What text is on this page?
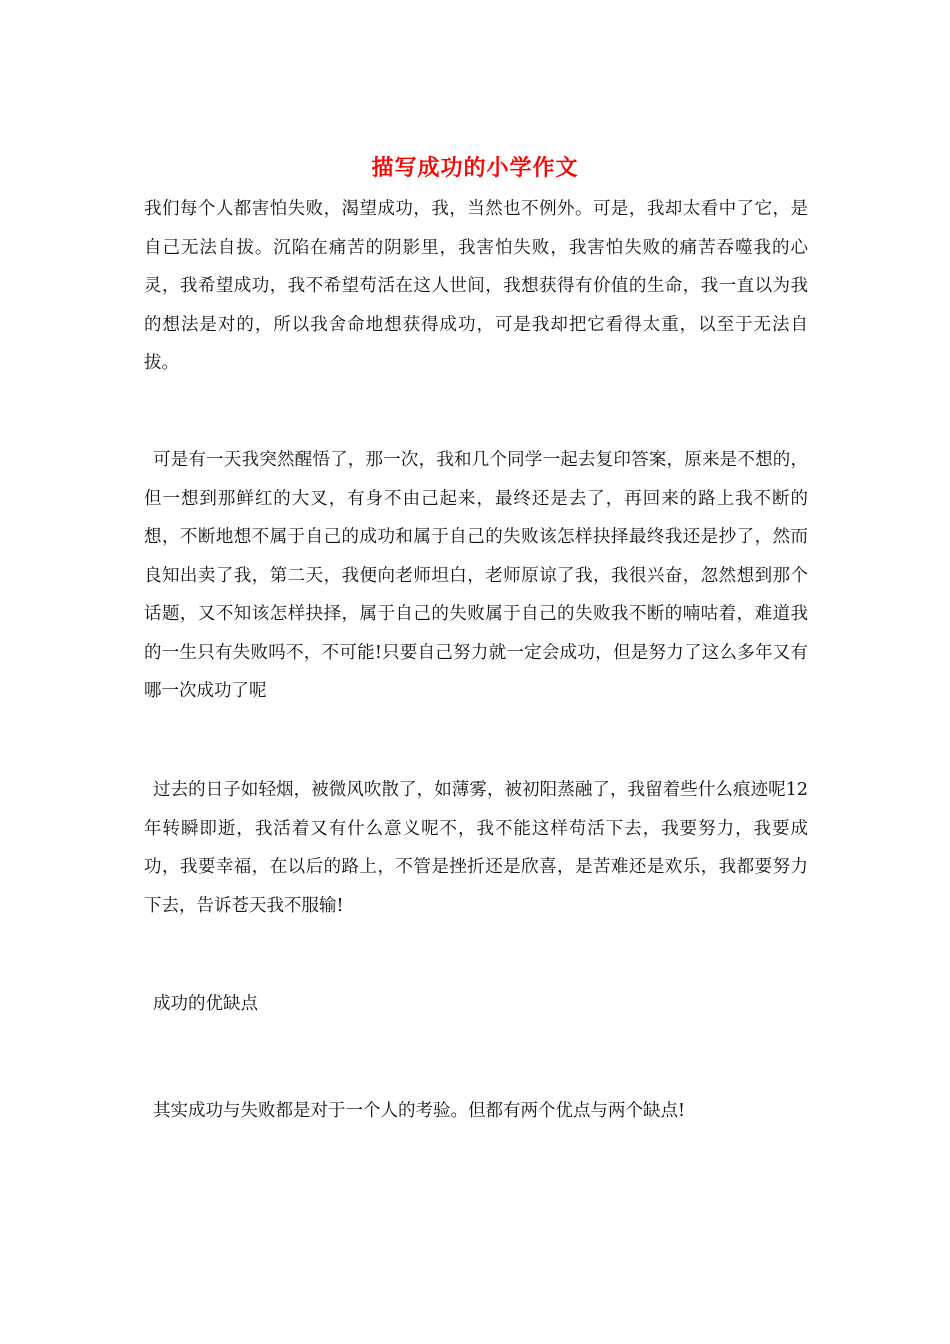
描写成功的小学作文

我们每个人都害怕失败，渴望成功，我，当然也不例外。可是，我却太看中了它，是自己无法自拔。沉陷在痛苦的阴影里，我害怕失败，我害怕失败的痛苦吞噬我的心灵，我希望成功，我不希望苟活在这人世间，我想获得有价值的生命，我一直以为我的想法是对的，所以我舍命地想获得成功，可是我却把它看得太重，以至于无法自拔。

可是有一天我突然醒悟了，那一次，我和几个同学一起去复印答案，原来是不想的，但一想到那鲜红的大叉，有身不由己起来，最终还是去了，再回来的路上我不断的想，不断地想不属于自己的成功和属于自己的失败该怎样抉择最终我还是抄了，然而良知出卖了我，第二天，我便向老师坦白，老师原谅了我，我很兴奋，忽然想到那个话题，又不知该怎样抉择，属于自己的失败属于自己的失败我不断的喃咕着，难道我的一生只有失败吗不，不可能!只要自己努力就一定会成功，但是努力了这么多年又有哪一次成功了呢

过去的日子如轻烟，被微风吹散了，如薄雾，被初阳蒸融了，我留着些什么痕迹呢12年转瞬即逝，我活着又有什么意义呢不，我不能这样苟活下去，我要努力，我要成功，我要幸福，在以后的路上，不管是挫折还是欣喜，是苦难还是欢乐，我都要努力下去，告诉苍天我不服输!

成功的优缺点

其实成功与失败都是对于一个人的考验。但都有两个优点与两个缺点!
